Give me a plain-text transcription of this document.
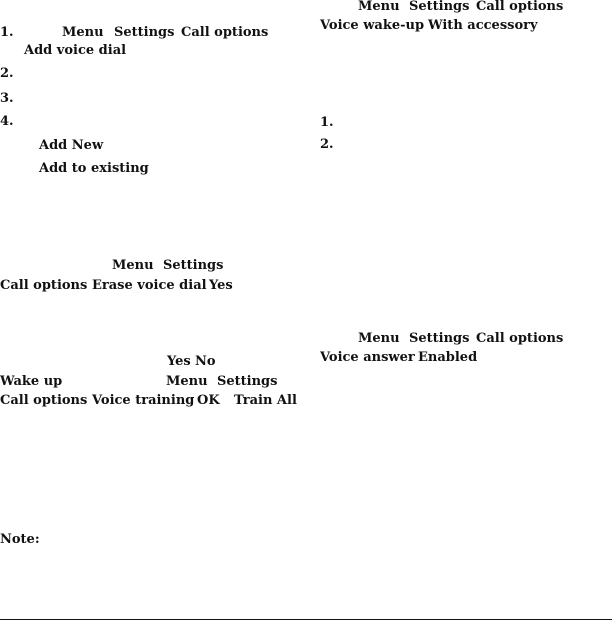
1.	Menu Settings Call options
Add voice dial
2.
3.
4.
Add New
Add to existing
Menu Settings
Call options Erase voice dial Yes
Yes No
Wake up	Menu Settings
Call options Voice training OK Train All
Note:
Menu Settings Call options
Voice wake-up With accessory
1.
2.
Menu Settings Call options
Voice answer Enabled
